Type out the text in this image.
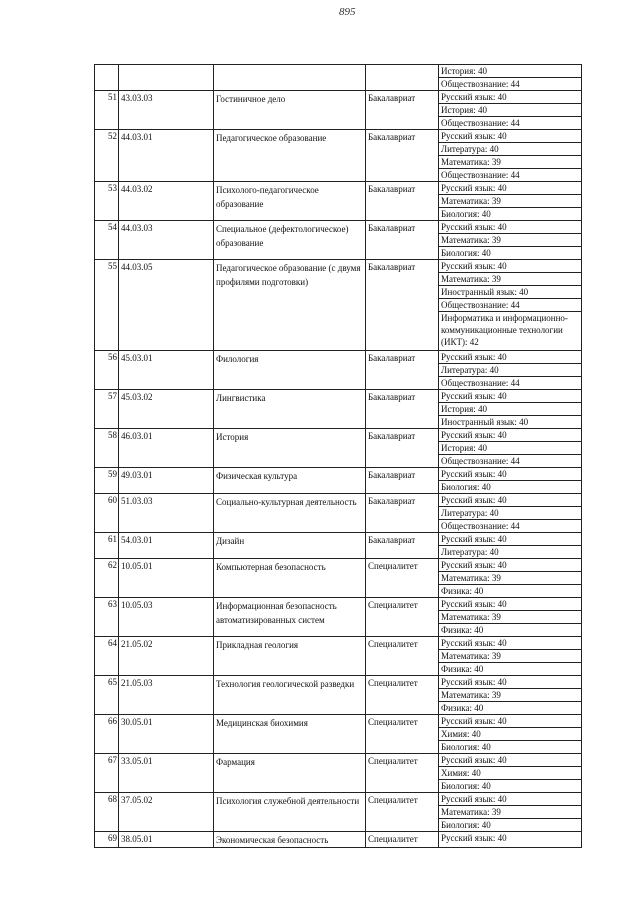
895
				История: 40
				Обществознание: 44
51	43.03.03	Гостиничное дело	Бакалавриат	Русский язык: 40
				История: 40
				Обществознание: 44
52	44.03.01	Педагогическое образование	Бакалавриат	Русский язык: 40
				Литература: 40
				Математика: 39
				Обществознание: 44
53	44.03.02	Психолого-педагогическое образование	Бакалавриат	Русский язык: 40
				Математика: 39
				Биология: 40
54	44.03.03	Специальное (дефектологическое) образование	Бакалавриат	Русский язык: 40
				Математика: 39
				Биология: 40
55	44.03.05	Педагогическое образование (с двумя профилями подготовки)	Бакалавриат	Русский язык: 40
				Математика: 39
				Иностранный язык: 40
				Обществознание: 44
				Информатика и информационно-коммуникационные технологии (ИКТ): 42
56	45.03.01	Филология	Бакалавриат	Русский язык: 40
				Литература: 40
				Обществознание: 44
57	45.03.02	Лингвистика	Бакалавриат	Русский язык: 40
				История: 40
				Иностранный язык: 40
58	46.03.01	История	Бакалавриат	Русский язык: 40
				История: 40
				Обществознание: 44
59	49.03.01	Физическая культура	Бакалавриат	Русский язык: 40
				Биология: 40
60	51.03.03	Социально-культурная деятельность	Бакалавриат	Русский язык: 40
				Литература: 40
				Обществознание: 44
61	54.03.01	Дизайн	Бакалавриат	Русский язык: 40
				Литература: 40
62	10.05.01	Компьютерная безопасность	Специалитет	Русский язык: 40
				Математика: 39
				Физика: 40
63	10.05.03	Информационная безопасность автоматизированных систем	Специалитет	Русский язык: 40
				Математика: 39
				Физика: 40
64	21.05.02	Прикладная геология	Специалитет	Русский язык: 40
				Математика: 39
				Физика: 40
65	21.05.03	Технология геологической разведки	Специалитет	Русский язык: 40
				Математика: 39
				Физика: 40
66	30.05.01	Медицинская биохимия	Специалитет	Русский язык: 40
				Химия: 40
				Биология: 40
67	33.05.01	Фармация	Специалитет	Русский язык: 40
				Химия: 40
				Биология: 40
68	37.05.02	Психология служебной деятельности	Специалитет	Русский язык: 40
				Математика: 39
				Биология: 40
69	38.05.01	Экономическая безопасность	Специалитет	Русский язык: 40
